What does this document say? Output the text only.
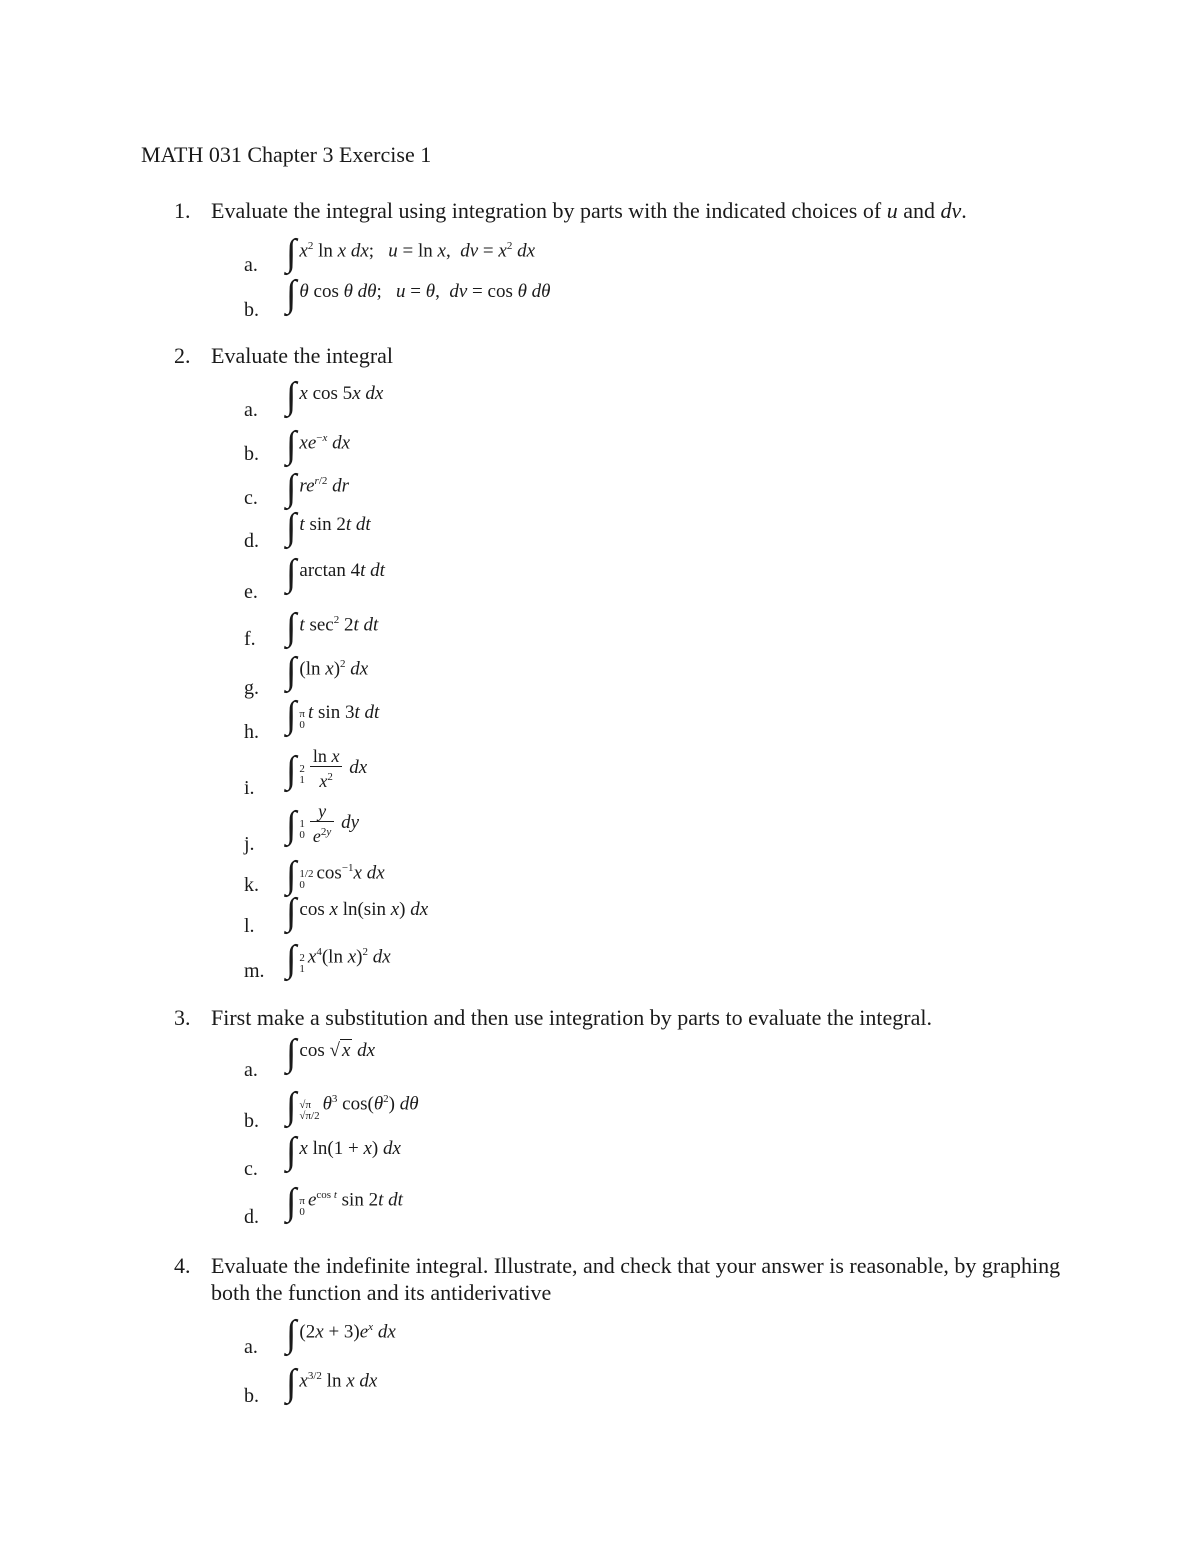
MATH 031 Chapter 3 Exercise 1
1. Evaluate the integral using integration by parts with the indicated choices of u and dv.
a. ∫ $x^2$ ln x dx;   u = ln x,  dv = $x^2$ dx
b. ∫ θ cos θ dθ;   u = θ,  dv = cos θ dθ
2. Evaluate the integral
a. ∫ x cos 5x dx
b. ∫ $xe^{-x}$ dx
c. ∫ $re^{r/2}$ dr
d. ∫ t sin 2t dt
e. ∫ arctan 4t dt
f. ∫ t $\sec^2 2t$ dt
g. ∫ (ln x)$^2$ dx
h. ∫ π
0
t sin 3t dt
i. ∫ 2
$1 \frac{\text{ln x}}{x^2}$ dx
j. ∫ 1
$0 \frac{y}{e^{2y}}$ dy
k. ∫ 1/2
0
$\cos^{-1}x$ dx
l. ∫ cos x ln(sin x) dx
m. ∫ 2
1
$x^4(\ln$ x)$^2$ dx
3. First make a substitution and then use integration by parts to evaluate the integral.
a. ∫ cos √ x dx
b. ∫ √π
√π/2
$\theta^3$ $\cos(\theta^2)$ dθ
c. ∫ x ln(1 + x) dx
d. ∫ π
0
$e^{cos t}$ sin 2t dt
4. Evaluate the indefinite integral. Illustrate, and check that your answer is reasonable, by graphing both the function and its antiderivative
a. ∫ $(2x + 3)e^x$ dx
b. ∫ $x^{3/2}$ ln x dx
